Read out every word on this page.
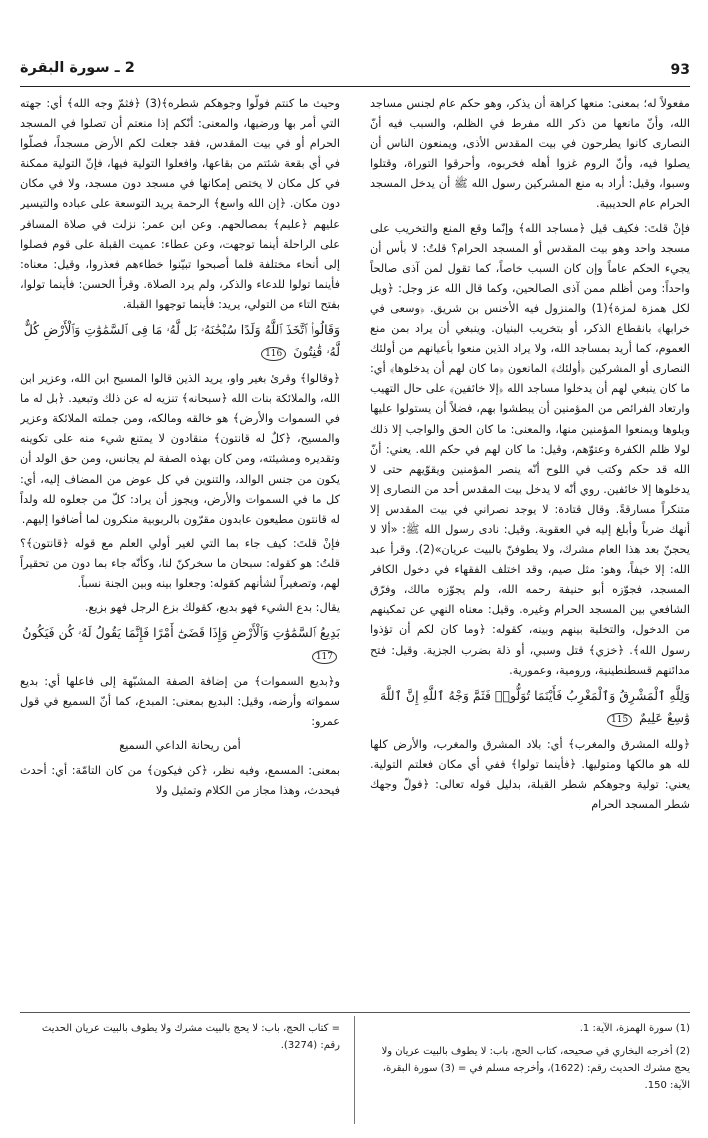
2 ـ سورة البقرة	93

مفعولاً له؛ بمعنى: منعها كراهة أن يذكر، وهو حكم عام لجنس مساجد الله، وأنّ مانعها من ذكر الله مفرط في الظلم، والسبب فيه أنّ النصارى كانوا يطرحون في بيت المقدس الأذى، ويمنعون الناس أن يصلوا فيه، وأنّ الروم غزوا أهله فخربوه، وأحرقوا التوراة، وقتلوا وسبوا، وقيل: أراد به منع المشركين رسول الله ﷺ أن يدخل المسجد الحرام عام الحديبية.

فإنْ قلتَ: فكيف قيل ﴿مساجد الله﴾ وإنّما وقع المنع والتخريب على مسجد واحد وهو بيت المقدس أو المسجد الحرام؟ قلتُ: لا بأس أن يجيء الحكم عاماً وإن كان السبب خاصاً، كما تقول لمن آذى صالحاً واحداً: ومن أظلم ممن آذى الصالحين، وكما قال الله عز وجل: ﴿ويل لكل همزة لمزة﴾(1) والمنزول فيه الأخنس بن شريق. ﴿وسعى في خرابها﴾ بانقطاع الذكر، أو بتخريب البنيان. وينبغي أن يراد بمن منع العموم، كما أريد بمساجد الله، ولا يراد الذين منعوا بأعيانهم من أولئك النصارى أو المشركين ﴿أولئك﴾ المانعون ﴿ما كان لهم أن يدخلوها﴾ أي: ما كان ينبغي لهم أن يدخلوا مساجد الله ﴿إلا خائفين﴾ على حال التهيب وارتعاد الفرائص من المؤمنين أن يبطشوا بهم، فضلاً أن يستولوا عليها ويلوها ويمنعوا المؤمنين منها، والمعنى: ما كان الحق والواجب إلا ذلك لولا ظلم الكفرة وعتوّهم، وقيل: ما كان لهم في حكم الله. يعني: أنّ الله قد حكم وكتب في اللوح أنّه ينصر المؤمنين ويقوّيهم حتى لا يدخلوها إلا خائفين. روي أنّه لا يدخل بيت المقدس أحد من النصارى إلا متنكراً مسارقةً. وقال قتادة: لا يوجد نصراني في بيت المقدس إلا أنهك ضرباً وأبلغ إليه في العقوبة. وقيل: نادى رسول الله ﷺ: «ألا لا يحجنّ بعد هذا العام مشرك، ولا يطوفنّ بالبيت عريان»(2). وقرأ عبد الله: إلا خيفاً، وهو: مثل صيم، وقد اختلف الفقهاء في دخول الكافر المسجد، فجوّزه أبو حنيفة رحمه الله، ولم يجوّزه مالك، وفرّق الشافعي بين المسجد الحرام وغيره. وقيل: معناه النهي عن تمكينهم من الدخول، والتخلية بينهم وبينه، كقوله: ﴿وما كان لكم أن تؤذوا رسول الله﴾. ﴿خزي﴾ قتل وسبي، أو ذلة بضرب الجزية. وقيل: فتح مدائنهم قسطنطينية، ورومية، وعمورية.

وَلِلَّهِ ٱلْمَشْرِقُ وَٱلْمَغْرِبُ فَأَيْنَمَا تُوَلُّوا۟ فَثَمَّ وَجْهُ ٱللَّهِ إِنَّ ٱللَّهَ وَٰسِعٌ عَلِيمٌ 115

﴿ولله المشرق والمغرب﴾ أي: بلاد المشرق والمغرب، والأرض كلها لله هو مالكها ومتوليها. ﴿فأينما تولوا﴾ ففي أي مكان فعلتم التولية. يعني: تولية وجوهكم شطر القبلة، بدليل قوله تعالى: ﴿فولّ وجهك شطر المسجد الحرام

وحيث ما كنتم فولّوا وجوهكم شطره﴾(3) ﴿فثمّ وجه الله﴾ أي: جهته التي أمر بها ورضيها، والمعنى: أنّكم إذا منعتم أن تصلوا في المسجد الحرام أو في بيت المقدس، فقد جعلت لكم الأرض مسجداً، فصلّوا في أي بقعة شئتم من بقاعها، وافعلوا التولية فيها، فإنّ التولية ممكنة في كل مكان لا يختص إمكانها في مسجد دون مسجد، ولا في مكان دون مكان. ﴿إن الله واسع﴾ الرحمة يريد التوسعة على عباده والتيسير عليهم ﴿عليم﴾ بمصالحهم. وعن ابن عمر: نزلت في صلاة المسافر على الراحلة أينما توجهت، وعن عطاء: عميت القبلة على قوم فصلوا إلى أنحاء مختلفة فلما أصبحوا تبيّنوا خطاءهم فعذروا، وقيل: معناه: فأينما تولوا للدعاء والذكر، ولم يرد الصلاة. وقرأ الحسن: فأينما تولوا، بفتح التاء من التولي، يريد: فأينما توجهوا القبلة.

وَقَالُوا۟ ٱتَّخَذَ ٱللَّهُ وَلَدًا سُبْحَٰنَهُۥ بَل لَّهُۥ مَا فِى ٱلسَّمَٰوَٰتِ وَٱلْأَرْضِ كُلٌّ لَّهُۥ قَٰنِتُونَ 116

﴿وقالوا﴾ وقرئ بغير واو، يريد الذين قالوا المسيح ابن الله، وعزير ابن الله، والملائكة بنات الله ﴿سبحانه﴾ تنزيه له عن ذلك وتبعيد. ﴿بل له ما في السموات والأرض﴾ هو خالقه ومالكه، ومن جملته الملائكة وعزير والمسيح، ﴿كلٌ له قانتون﴾ منقادون لا يمتنع شيء منه على تكوينه وتقديره ومشيئته، ومن كان بهذه الصفة لم يجانس، ومن حق الولد أن يكون من جنس الوالد، والتنوين في كل عوض من المضاف إليه، أي: كل ما في السموات والأرض، ويجوز أن يراد: كلّ من جعلوه لله ولداً له قانتون مطيعون عابدون مقرّون بالربوبية منكرون لما أضافوا إليهم.

فإنْ قلتَ: كيف جاء بما التي لغير أولي العلم مع قوله ﴿قانتون﴾؟ قلتُ: هو كقوله: سبحان ما سخركنّ لنا، وكأنّه جاء بما دون من تحقيراً لهم، وتصغيراً لشأنهم كقوله: وجعلوا بينه وبين الجنة نسباً.

يقال: بدع الشيء فهو بديع، كقولك بزع الرجل فهو بزيع.

بَدِيعُ ٱلسَّمَٰوَٰتِ وَٱلْأَرْضِ وَإِذَا قَضَىٰٓ أَمْرًا فَإِنَّمَا يَقُولُ لَهُۥ كُن فَيَكُونُ 117

و﴿بديع السموات﴾ من إضافة الصفة المشبّهة إلى فاعلها أي: بديع سمواته وأرضه، وقيل: البديع بمعنى: المبدع، كما أنّ السميع في قول عمرو:

أمن ريحانة الداعي السميع

بمعنى: المسمع، وفيه نظر، ﴿كن فيكون﴾ من كان التامّة: أي: أحدث فيحدث، وهذا مجاز من الكلام وتمثيل ولا

(1) سورة الهمزة، الآية: 1.

(2) أخرجه البخاري في صحيحه، كتاب الحج، باب: لا يطوف بالبيت عريان ولا يحج مشرك الحديث رقم: (1622)، وأخرجه مسلم في = (3) سورة البقرة، الآية: 150.

= كتاب الحج، باب: لا يحج بالبيت مشرك ولا يطوف بالبيت عريان الحديث رقم: (3274).
